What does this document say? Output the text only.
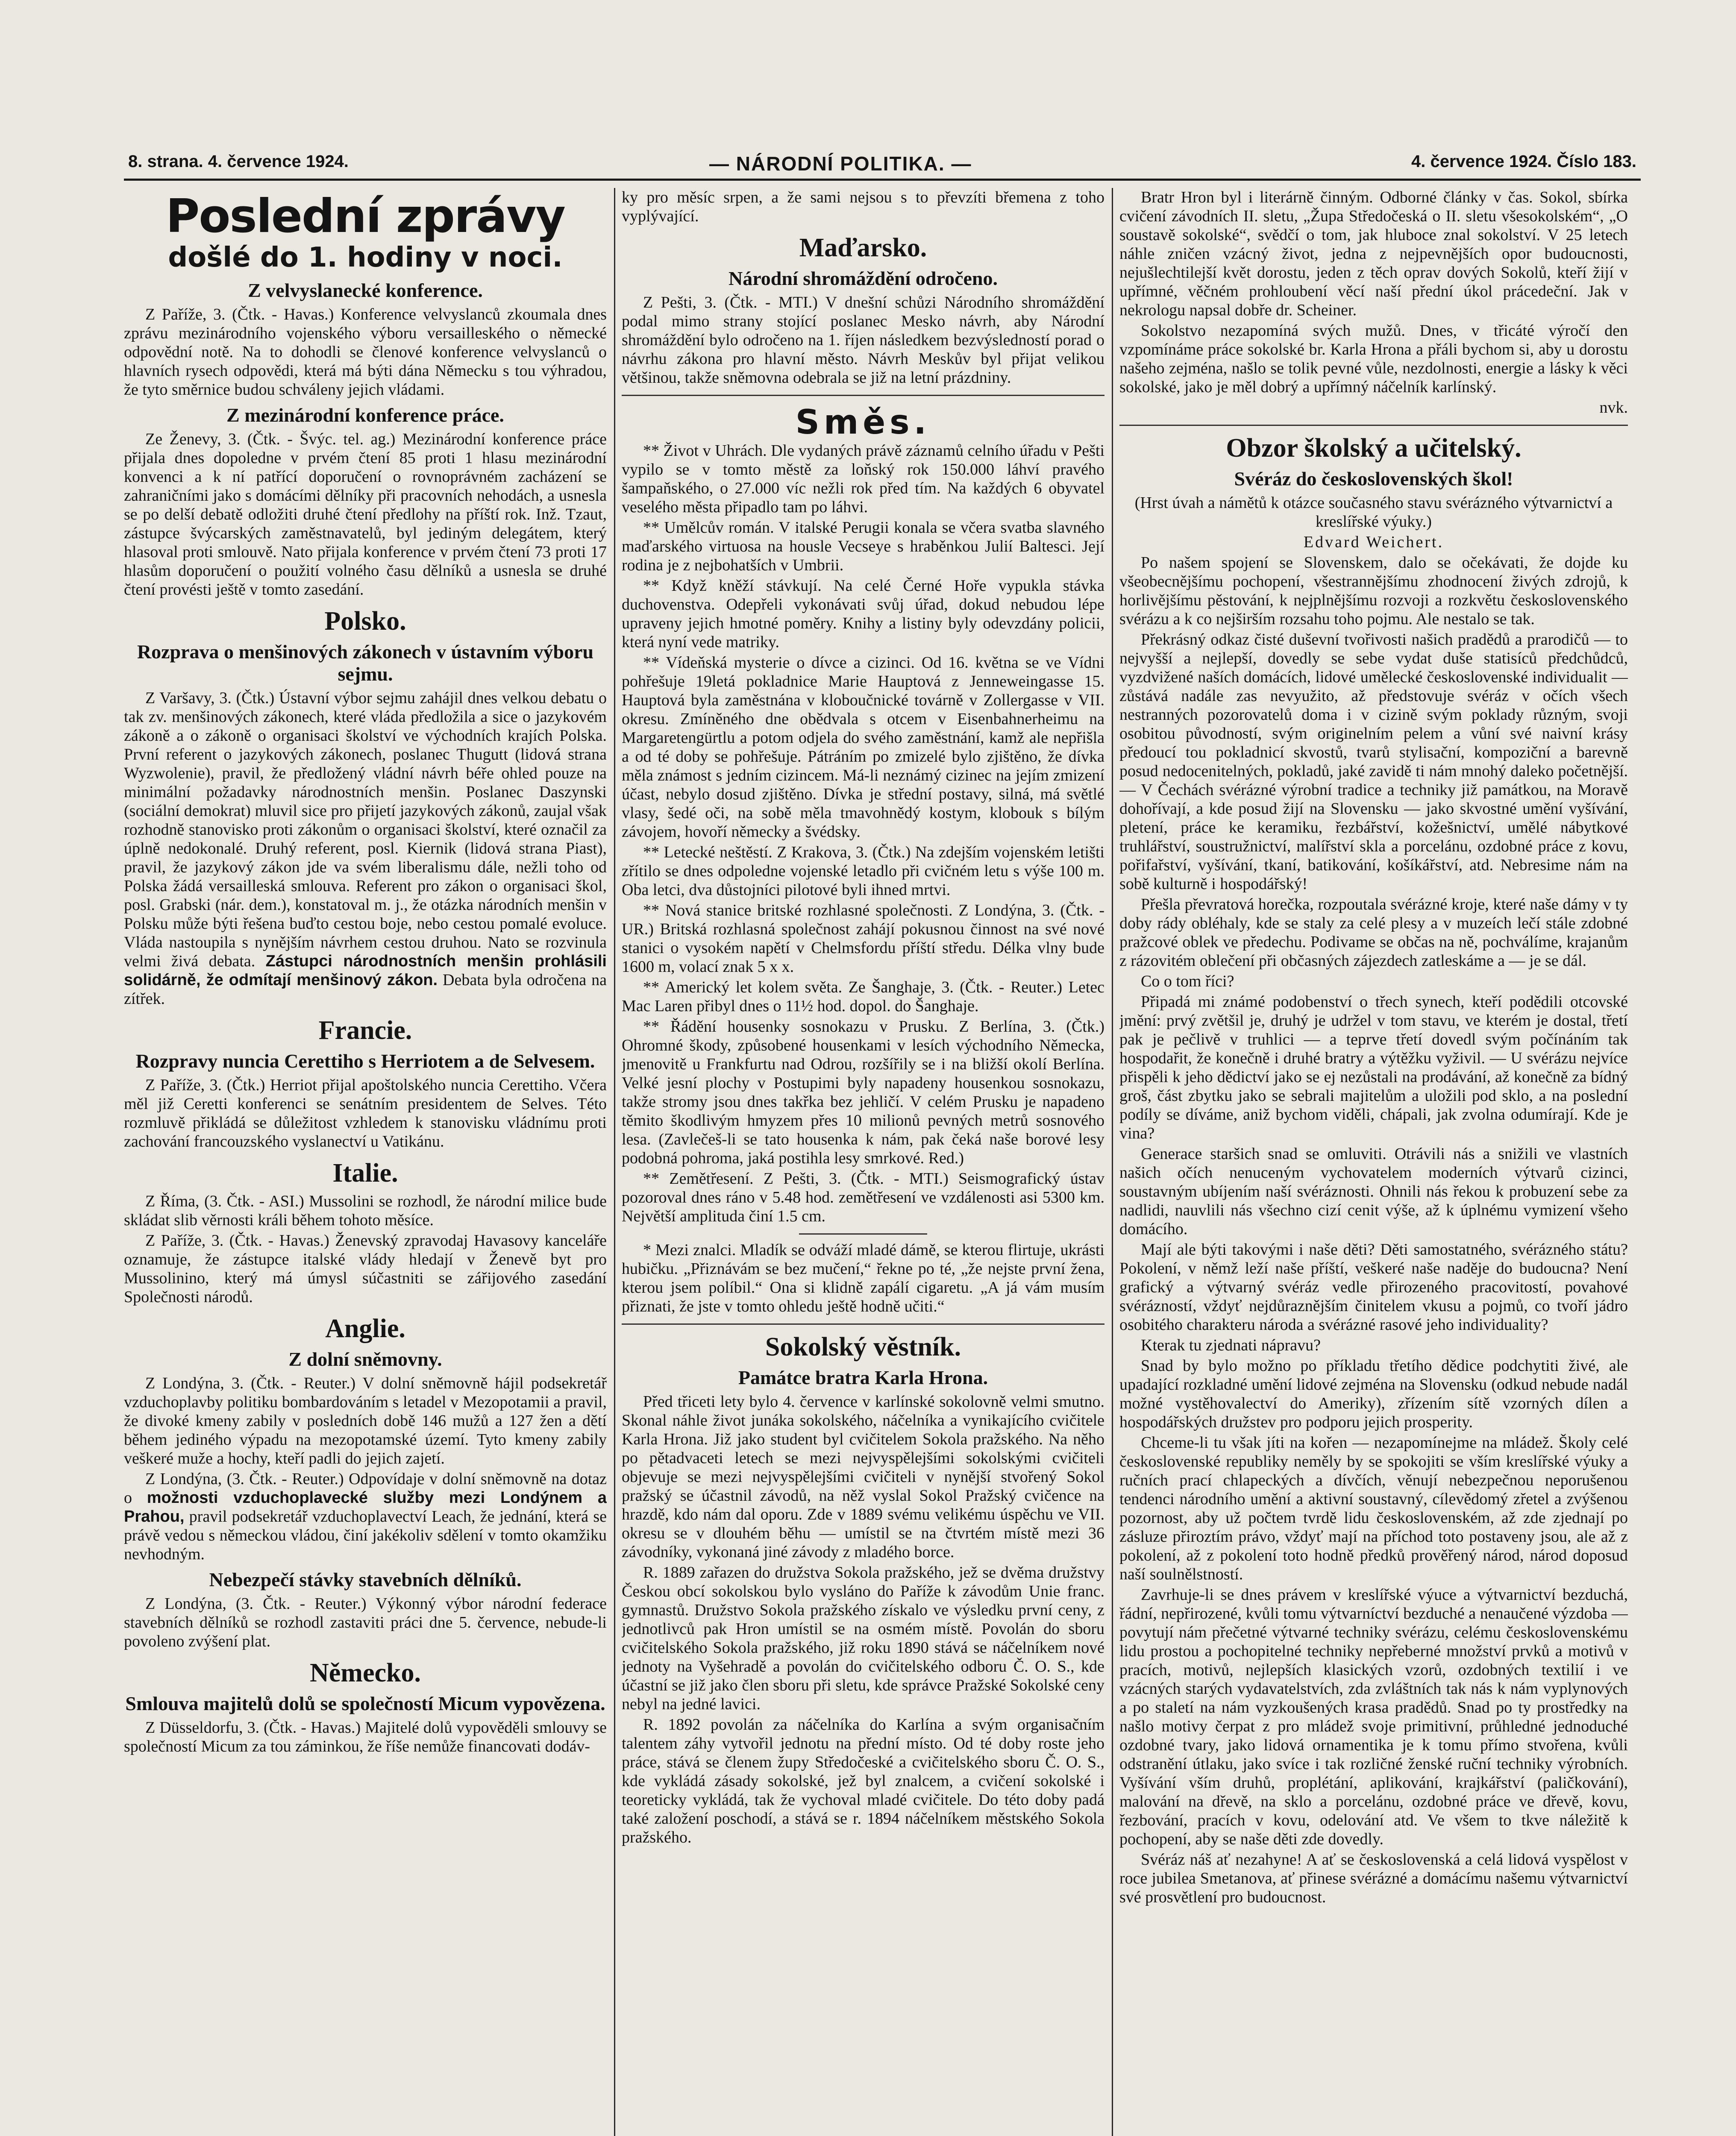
8. strana. 4. července 1924.	— NÁRODNÍ POLITIKA. —	4. července 1924. Číslo 183.
Poslední zprávy
došlé do 1. hodiny v noci.
Z velvyslanecké konference.

Z Paříže, 3. (Čtk. - Havas.) Konference velvyslanců zkoumala dnes zprávu mezinárodního vojenského výboru versailleského o německé odpovědní notě. Na to dohodli se členové konference velvyslanců o hlavních rysech odpovědi, která má býti dána Německu s tou výhradou, že tyto směrnice budou schváleny jejich vládami.

Z mezinárodní konference práce.

Ze Ženevy, 3. (Čtk. - Švýc. tel. ag.) Mezinárodní konference práce přijala dnes dopoledne v prvém čtení 85 proti 1 hlasu mezinárodní konvenci a k ní patřící doporučení o rovnoprávném zacházení se zahraničními jako s domácími dělníky při pracovních nehodách, a usnesla se po delší debatě odložiti druhé čtení předlohy na příští rok. Inž. Tzaut, zástupce švýcarských zaměstnavatelů, byl jediným delegátem, který hlasoval proti smlouvě. Nato přijala konference v prvém čtení 73 proti 17 hlasům doporučení o použití volného času dělníků a usnesla se druhé čtení provésti ještě v tomto zasedání.

Polsko.
Rozprava o menšinových zákonech v ústavním výboru sejmu.

Z Varšavy, 3. (Čtk.) Ústavní výbor sejmu zahájil dnes velkou debatu o tak zv. menšinových zákonech, které vláda předložila a sice o jazykovém zákoně a o zákoně o organisaci školství ve východních krajích Polska. První referent o jazykových zákonech, poslanec Thugutt (lidová strana Wyzwolenie), pravil, že předložený vládní návrh béře ohled pouze na minimální požadavky národnostních menšin. Poslanec Daszynski (sociální demokrat) mluvil sice pro přijetí jazykových zákonů, zaujal však rozhodně stanovisko proti zákonům o organisaci školství, které označil za úplně nedokonalé. Druhý referent, posl. Kiernik (lidová strana Piast), pravil, že jazykový zákon jde va svém liberalismu dále, nežli toho od Polska žádá versailleská smlouva. Referent pro zákon o organisaci škol, posl. Grabski (nár. dem.), konstatoval m. j., že otázka národních menšin v Polsku může býti řešena buďto cestou boje, nebo cestou pomalé evoluce. Vláda nastoupila s nynějším návrhem cestou druhou. Nato se rozvinula velmi živá debata. Zástupci národnostních menšin prohlásili solidárně, že odmítají menšinový zákon. Debata byla odročena na zítřek.

Francie.
Rozpravy nuncia Cerettiho s Herriotem a de Selvesem.

Z Paříže, 3. (Čtk.) Herriot přijal apoštolského nuncia Cerettiho. Včera měl již Ceretti konferenci se senátním presidentem de Selves. Této rozmluvě přikládá se důležitost vzhledem k stanovisku vládnímu proti zachování francouzského vyslanectví u Vatikánu.

Italie.

Z Říma, (3. Čtk. - ASI.) Mussolini se rozhodl, že národní milice bude skládat slib věrnosti králi během tohoto měsíce.

Z Paříže, 3. (Čtk. - Havas.) Ženevský zpravodaj Havasovy kanceláře oznamuje, že zástupce italské vlády hledají v Ženevě byt pro Mussolinino, který má úmysl súčastniti se zářijového zasedání Společnosti národů.

Anglie.
Z dolní sněmovny.

Z Londýna, 3. (Čtk. - Reuter.) V dolní sněmovně hájil podsekretář vzduchoplavby politiku bombardováním s letadel v Mezopotamii a pravil, že divoké kmeny zabily v posledních době 146 mužů a 127 žen a dětí během jediného výpadu na mezopotamské území. Tyto kmeny zabily veškeré muže a hochy, kteří padli do jejich zajetí.

Z Londýna, (3. Čtk. - Reuter.) Odpovídaje v dolní sněmovně na dotaz o možnosti vzduchoplavecké služby mezi Londýnem a Prahou, pravil podsekretář vzduchoplavectví Leach, že jednání, která se právě vedou s německou vládou, činí jakékoliv sdělení v tomto okamžiku nevhodným.

Nebezpečí stávky stavebních dělníků.

Z Londýna, (3. Čtk. - Reuter.) Výkonný výbor národní federace stavebních dělníků se rozhodl zastaviti práci dne 5. července, nebude-li povoleno zvýšení plat.

Německo.
Smlouva majitelů dolů se společností Micum vypovězena.

Z Düsseldorfu, 3. (Čtk. - Havas.) Majitelé dolů vypověděli smlouvy se společností Micum za tou záminkou, že říše nemůže financovati dodáv-

ky pro měsíc srpen, a že sami nejsou s to převzíti břemena z toho vyplývající.

Maďarsko.
Národní shromáždění odročeno.

Z Pešti, 3. (Čtk. - MTI.) V dnešní schůzi Národního shromáždění podal mimo strany stojící poslanec Mesko návrh, aby Národní shromáždění bylo odročeno na 1. říjen následkem bezvýsledností porad o návrhu zákona pro hlavní město. Návrh Meskův byl přijat velikou většinou, takže sněmovna odebrala se již na letní prázdniny.

Směs.

** Život v Uhrách. Dle vydaných právě záznamů celního úřadu v Pešti vypilo se v tomto městě za loňský rok 150.000 láhví pravého šampaňského, o 27.000 víc nežli rok před tím. Na každých 6 obyvatel veselého města připadlo tam po láhvi.

** Umělcův román. V italské Perugii konala se včera svatba slavného maďarského virtuosa na housle Vecseye s hraběnkou Julií Baltesci. Její rodina je z nejbohatších v Umbrii.

** Když kněží stávkují. Na celé Černé Hoře vypukla stávka duchovenstva. Odepřeli vykonávati svůj úřad, dokud nebudou lépe upraveny jejich hmotné poměry. Knihy a listiny byly odevzdány policii, která nyní vede matriky.

** Vídeňská mysterie o dívce a cizinci. Od 16. května se ve Vídni pohřešuje 19letá pokladnice Marie Hauptová z Jenneweingasse 15. Hauptová byla zaměstnána v kloboučnické továrně v Zollergasse v VII. okresu. Zmíněného dne obědvala s otcem v Eisenbahnerheimu na Margaretengürtlu a potom odjela do svého zaměstnání, kamž ale nepřišla a od té doby se pohřešuje. Pátráním po zmizelé bylo zjištěno, že dívka měla známost s jedním cizincem. Má-li neznámý cizinec na jejím zmizení účast, nebylo dosud zjištěno. Dívka je střední postavy, silná, má světlé vlasy, šedé oči, na sobě měla tmavohnědý kostym, klobouk s bílým závojem, hovoří německy a švédsky.

** Letecké neštěstí. Z Krakova, 3. (Čtk.) Na zdejším vojenském letišti zřítilo se dnes odpoledne vojenské letadlo při cvičném letu s výše 100 m. Oba letci, dva důstojníci pilotové byli ihned mrtvi.

** Nová stanice britské rozhlasné společnosti. Z Londýna, 3. (Čtk. - UR.) Britská rozhlasná společnost zahájí pokusnou činnost na své nové stanici o vysokém napětí v Chelmsfordu příští středu. Délka vlny bude 1600 m, volací znak 5 x x.

** Americký let kolem světa. Ze Šanghaje, 3. (Čtk. - Reuter.) Letec Mac Laren přibyl dnes o 11½ hod. dopol. do Šanghaje.

** Řádění housenky sosnokazu v Prusku. Z Berlína, 3. (Čtk.) Ohromné škody, způsobené housenkami v lesích východního Německa, jmenovitě u Frankfurtu nad Odrou, rozšířily se i na bližší okolí Berlína. Velké jesní plochy v Postupimi byly napadeny housenkou sosnokazu, takže stromy jsou dnes takřka bez jehličí. V celém Prusku je napadeno těmito škodlivým hmyzem přes 10 milionů pevných metrů sosnového lesa. (Zavlečeš-li se tato housenka k nám, pak čeká naše borové lesy podobná pohroma, jaká postihla lesy smrkové. Red.)

** Zemětřesení. Z Pešti, 3. (Čtk. - MTI.) Seismografický ústav pozoroval dnes ráno v 5.48 hod. zemětřesení ve vzdálenosti asi 5300 km. Největší amplituda činí 1.5 cm.

* Mezi znalci. Mladík se odváží mladé dámě, se kterou flirtuje, ukrásti hubičku. „Přiznávám se bez mučení,“ řekne po té, „že nejste první žena, kterou jsem políbil.“ Ona si klidně zapálí cigaretu. „A já vám musím přiznati, že jste v tomto ohledu ještě hodně učiti.“

Sokolský věstník.
Památce bratra Karla Hrona.

Před třiceti lety bylo 4. července v karlínské sokolovně velmi smutno. Skonal náhle život junáka sokolského, náčelníka a vynikajícího cvičitele Karla Hrona. Již jako student byl cvičitelem Sokola pražského. Na něho po pětadvaceti letech se mezi nejvyspělejšími sokolskými cvičiteli objevuje se mezi nejvyspělejšími cvičiteli v nynější stvořený Sokol pražský se účastnil závodů, na něž vyslal Sokol Pražský cvičence na hrazdě, kdo nám dal oporu. Zde v 1889 svému velikému úspěchu ve VII. okresu se v dlouhém běhu — umístil se na čtvrtém místě mezi 36 závodníky, vykonaná jiné závody z mladého borce.

R. 1889 zařazen do družstva Sokola pražského, jež se dvěma družstvy Českou obcí sokolskou bylo vysláno do Paříže k závodům Unie franc. gymnastů. Družstvo Sokola pražského získalo ve výsledku první ceny, z jednotlivců pak Hron umístil se na osmém místě. Povolán do sboru cvičitelského Sokola pražského, již roku 1890 stává se náčelníkem nové jednoty na Vyšehradě a povolán do cvičitelského odboru Č. O. S., kde účastní se již jako člen sboru při sletu, kde správce Pražské Sokolské ceny nebyl na jedné lavici.

R. 1892 povolán za náčelníka do Karlína a svým organisačním talentem záhy vytvořil jednotu na přední místo. Od té doby roste jeho práce, stává se členem župy Středočeské a cvičitelského sboru Č. O. S., kde vykládá zásady sokolské, jež byl znalcem, a cvičení sokolské i teoreticky vykládá, tak že vychoval mladé cvičitele. Do této doby padá také založení poschodí, a stává se r. 1894 náčelníkem městského Sokola pražského.

Bratr Hron byl i literárně činným. Odborné články v čas. Sokol, sbírka cvičení závodních II. sletu, „Župa Středočeská o II. sletu všesokolském“, „O soustavě sokolské“, svědčí o tom, jak hluboce znal sokolství. V 25 letech náhle zničen vzácný život, jedna z nejpevnějších opor budoucnosti, nejušlechtilejší květ dorostu, jeden z těch oprav dových Sokolů, kteří žijí v upřímné, věčném prohloubení věcí naší přední úkol prácedeční. Jak v nekrologu napsal dobře dr. Scheiner.

Sokolstvo nezapomíná svých mužů. Dnes, v třicáté výročí den vzpomínáme práce sokolské br. Karla Hrona a přáli bychom si, aby u dorostu našeho zejména, našlo se tolik pevné vůle, nezdolnosti, energie a lásky k věci sokolské, jako je měl dobrý a upřímný náčelník karlínský.

nvk.

Obzor školský a učitelský.
Svéráz do československých škol!

(Hrst úvah a námětů k otázce současného stavu svérázného výtvarnictví a kreslířské výuky.)

Edvard Weichert.

Po našem spojení se Slovenskem, dalo se očekávati, že dojde ku všeobecnějšímu pochopení, všestrannějšímu zhodnocení živých zdrojů, k horlivějšímu pěstování, k nejplnějšímu rozvoji a rozkvětu československého svérázu a k co nejširším rozsahu toho pojmu. Ale nestalo se tak.

Překrásný odkaz čisté duševní tvořivosti našich pradědů a prarodičů — to nejvyšší a nejlepší, dovedly se sebe vydat duše statisíců předchůdců, vyzdvižené naších domácích, lidové umělecké československé individualit — zůstává nadále zas nevyužito, až předstovuje svéráz v očích všech nestranných pozorovatelů doma i v cizině svým poklady různým, svoji osobitou původností, svým originelním pelem a vůní své naivní krásy předoucí tou pokladnicí skvostů, tvarů stylisační, kompoziční a barevně posud nedocenitelných, pokladů, jaké zavidě ti nám mnohý daleko početnější. — V Čechách svérázné výrobní tradice a techniky již památkou, na Moravě dohořívají, a kde posud žijí na Slovensku — jako skvostné umění vyšívání, pletení, práce ke keramiku, řezbářství, kožešnictví, umělé nábytkové truhlářství, soustružnictví, malířství skla a porcelánu, ozdobné práce z kovu, pořifařství, vyšívání, tkaní, batikování, košíkářství, atd. Nebresime nám na sobě kulturně i hospodářský!

Přešla převratová horečka, rozpoutala svérázné kroje, které naše dámy v ty doby rády obléhaly, kde se staly za celé plesy a v muzeích lečí stále zdobné pražcové oblek ve předechu. Podivame se občas na ně, pochválíme, krajanům z rázovitém oblečení při občasných zájezdech zatleskáme a — je se dál.

Co o tom říci?

Připadá mi známé podobenství o třech synech, kteří podědili otcovské jmění: prvý zvětšil je, druhý je udržel v tom stavu, ve kterém je dostal, třetí pak je pečlivě v truhlici — a teprve třetí dovedl svým počínáním tak hospodařit, že konečně i druhé bratry a výtěžku vyživil. — U svérázu nejvíce přispěli k jeho dědictví jako se ej nezůstali na prodávání, až konečně za bídný groš, část zbytku jako se sebrali majitelům a uložili pod sklo, a na poslední podíly se díváme, aniž bychom viděli, chápali, jak zvolna odumírají. Kde je vina?

Generace staršich snad se omluviti. Otrávili nás a snižili ve vlastních našich očích nenuceným vychovatelem moderních výtvarů cizinci, soustavným ubíjením naší svéráznosti. Ohnili nás řekou k probuzení sebe za nadlidi, nauvlili nás všechno cizí cenit výše, až k úplnému vymizení všeho domácího.

Mají ale býti takovými i naše děti? Děti samostatného, svérázného státu? Pokolení, v němž leží naše příští, veškeré naše naděje do budoucna? Není grafický a výtvarný svéráz vedle přirozeného pracovitostí, povahové svérázností, vždyť nejdůraznějším činitelem vkusu a pojmů, co tvoří jádro osobitého charakteru národa a svérázné rasové jeho individuality?

Kterak tu zjednati nápravu?

Snad by bylo možno po příkladu třetího dědice podchytiti živé, ale upadající rozkladné umění lidové zejména na Slovensku (odkud nebude nadál možné vystěhovalectví do Ameriky), zřízením sítě vzorných dílen a hospodářských družstev pro podporu jejich prosperity.

Chceme-li tu však jíti na kořen — nezapomínejme na mládež. Školy celé československé republiky neměly by se spokojiti se vším kreslířské výuky a ručních prací chlapeckých a dívčích, věnují nebezpečnou neporušenou tendenci národního umění a aktivní soustavný, cílevědomý zřetel a zvýšenou pozornost, aby už počtem tvrdě lidu československém, až zde zjednají po zásluze přiroztím právo, vždyť mají na příchod toto postaveny jsou, ale až z pokolení, až z pokolení toto hodně předků prověřený národ, národ doposud naší soulnělstností.

Zavrhuje-li se dnes právem v kreslířské výuce a výtvarnictví bezduchá, řádní, nepřirozené, kvůli tomu výtvarníctví bezduché a nenaučené výzdoba — povytují nám přečetné výtvarné techniky svérázu, celému československému lidu prostou a pochopitelné techniky nepřeberné množství prvků a motivů v pracích, motivů, nejlepších klasických vzorů, ozdobných textilií i ve vzácných starých vydavatelstvích, zda zvláštních tak nás k nám vyplynových a po staletí na nám vyzkoušených krasa pradědů. Snad po ty prostředky na našlo motivy čerpat z pro mládež svoje primitivní, průhledné jednoduché ozdobné tvary, jako lidová ornamentika je k tomu přímo stvořena, kvůli odstranění útlaku, jako svíce i tak rozličné ženské ruční techniky výrobních. Vyšívání vším druhů, proplétání, aplikování, krajkářství (paličkování), malování na dřevě, na sklo a porcelánu, ozdobné práce ve dřevě, kovu, řezbování, pracích v kovu, odelování atd. Ve všem to tkve náležitě k pochopení, aby se naše děti zde dovedly.

Svéráz náš ať nezahyne! A ať se československá a celá lidová vyspělost v roce jubilea Smetanova, ať přinese svérázné a domácímu našemu výtvarnictví své prosvětlení pro budoucnost.
